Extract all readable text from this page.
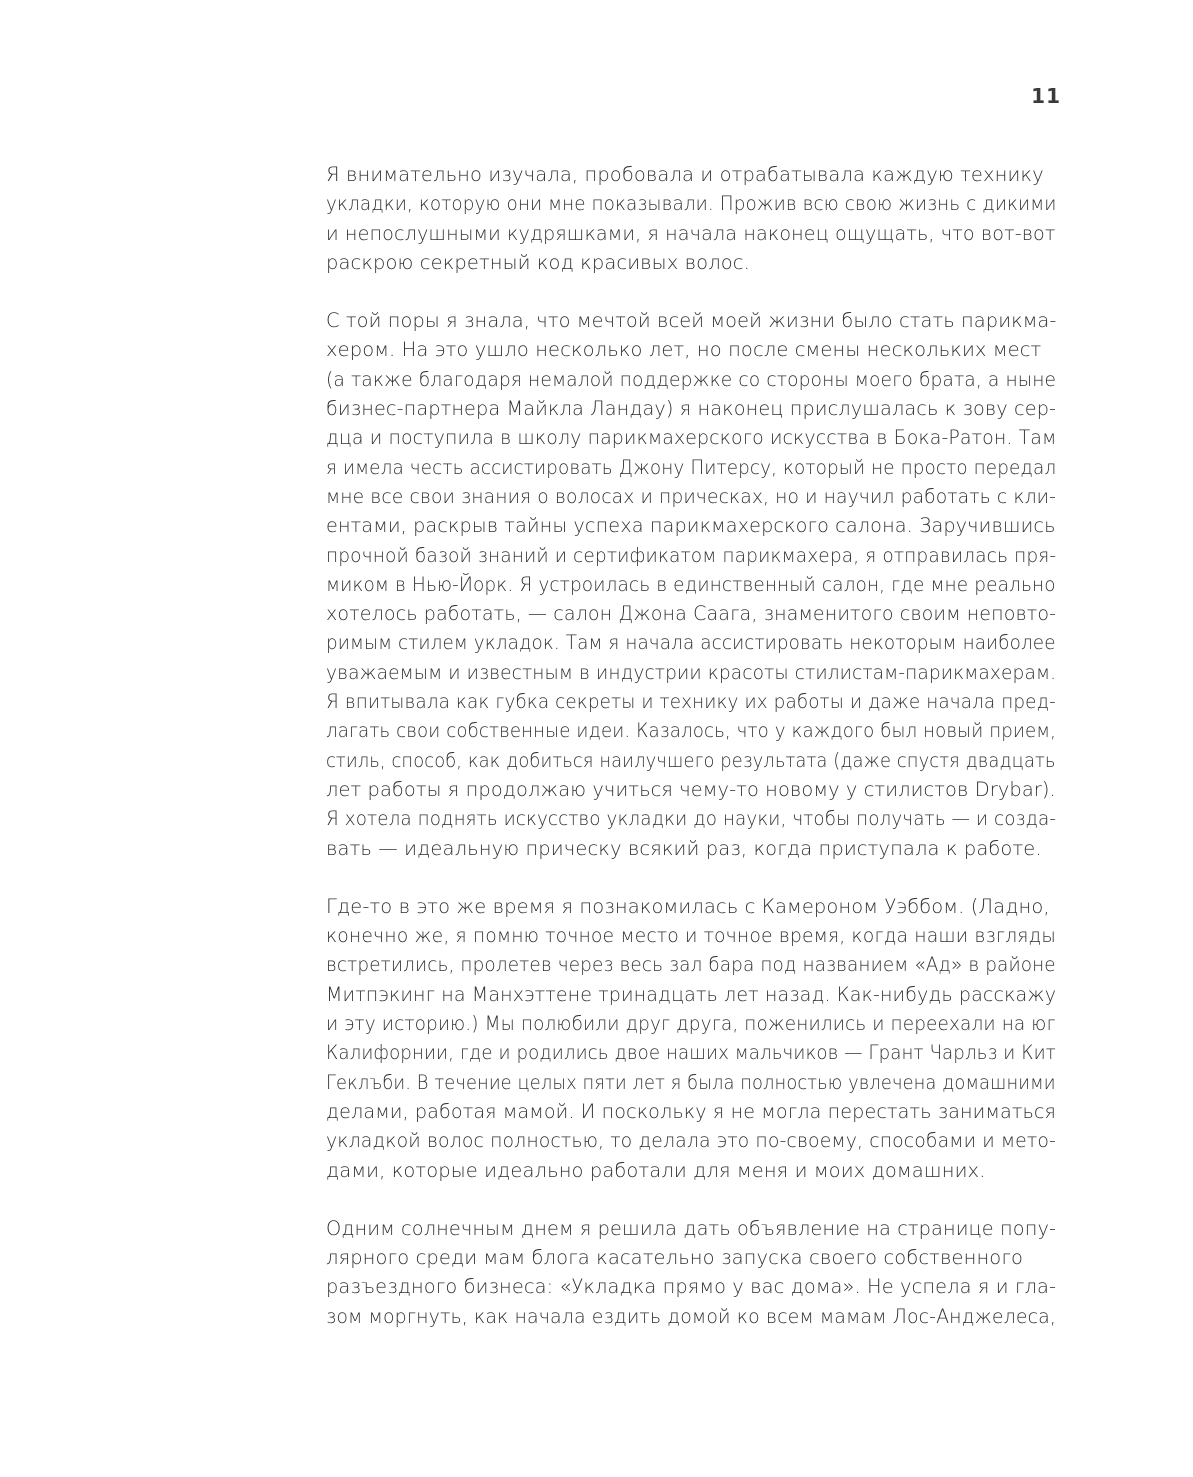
11

Я внимательно изучала, пробовала и отрабатывала каждую технику
укладки, которую они мне показывали. Прожив всю свою жизнь с дикими
и непослушными кудряшками, я начала наконец ощущать, что вот-вот
раскрою секретный код красивых волос.

С той поры я знала, что мечтой всей моей жизни было стать парикма-
хером. На это ушло несколько лет, но после смены нескольких мест
(а также благодаря немалой поддержке со стороны моего брата, а ныне
бизнес-партнера Майкла Ландау) я наконец прислушалась к зову сер-
дца и поступила в школу парикмахерского искусства в Бока-Ратон. Там
я имела честь ассистировать Джону Питерсу, который не просто передал
мне все свои знания о волосах и прическах, но и научил работать с кли-
ентами, раскрыв тайны успеха парикмахерского салона. Заручившись
прочной базой знаний и сертификатом парикмахера, я отправилась пря-
миком в Нью-Йорк. Я устроилась в единственный салон, где мне реально
хотелось работать, — салон Джона Саага, знаменитого своим неповто-
римым стилем укладок. Там я начала ассистировать некоторым наиболее
уважаемым и известным в индустрии красоты стилистам-парикмахерам.
Я впитывала как губка секреты и технику их работы и даже начала пред-
лагать свои собственные идеи. Казалось, что у каждого был новый прием,
стиль, способ, как добиться наилучшего результата (даже спустя двадцать
лет работы я продолжаю учиться чему-то новому у стилистов Drybar).
Я хотела поднять искусство укладки до науки, чтобы получать — и созда-
вать — идеальную прическу всякий раз, когда приступала к работе.

Где-то в это же время я познакомилась с Камероном Уэббом. (Ладно,
конечно же, я помню точное место и точное время, когда наши взгляды
встретились, пролетев через весь зал бара под названием «Ад» в районе
Митпэкинг на Манхэттене тринадцать лет назад. Как-нибудь расскажу
и эту историю.) Мы полюбили друг друга, поженились и переехали на юг
Калифорнии, где и родились двое наших мальчиков — Грант Чарльз и Кит
Геклъби. В течение целых пяти лет я была полностью увлечена домашними
делами, работая мамой. И поскольку я не могла перестать заниматься
укладкой волос полностью, то делала это по-своему, способами и мето-
дами, которые идеально работали для меня и моих домашних.

Одним солнечным днем я решила дать объявление на странице попу-
лярного среди мам блога касательно запуска своего собственного
разъездного бизнеса: «Укладка прямо у вас дома». Не успела я и гла-
зом моргнуть, как начала ездить домой ко всем мамам Лос-Анджелеса,
